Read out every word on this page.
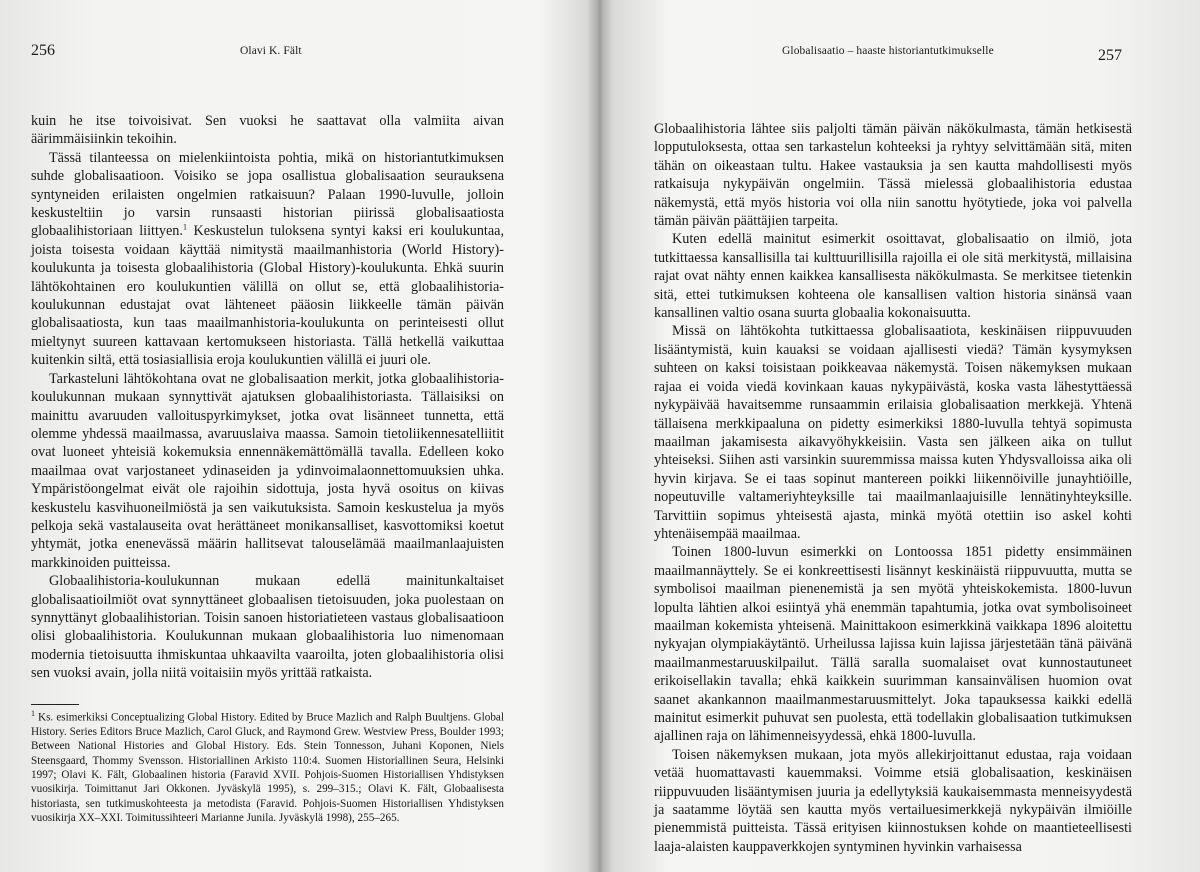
256	Olavi K. Fält

kuin he itse toivoisivat. Sen vuoksi he saattavat olla valmiita aivan äärimmäisiinkin tekoihin.

Tässä tilanteessa on mielenkiintoista pohtia, mikä on historiantutkimuksen suhde globalisaatioon. Voisiko se jopa osallistua globalisaation seurauksena syntyneiden erilaisten ongelmien ratkaisuun? Palaan 1990-luvulle, jolloin keskusteltiin jo varsin runsaasti historian piirissä globalisaatiosta globaalihistoriaan liittyen.$^1$ Keskustelun tuloksena syntyi kaksi eri koulukuntaa, joista toisesta voidaan käyttää nimitystä maailmanhistoria (World History)-koulukunta ja toisesta globaalihistoria (Global History)-koulukunta. Ehkä suurin lähtökohtainen ero koulukuntien välillä on ollut se, että globaalihistoria-koulukunnan edustajat ovat lähteneet pääosin liikkeelle tämän päivän globalisaatiosta, kun taas maailmanhistoria-koulukunta on perinteisesti ollut mieltynyt suureen kattavaan kertomukseen historiasta. Tällä hetkellä vaikuttaa kuitenkin siltä, että tosiasiallisia eroja koulukuntien välillä ei juuri ole.

Tarkasteluni lähtökohtana ovat ne globalisaation merkit, jotka globaalihistoria-koulukunnan mukaan synnyttivät ajatuksen globaalihistoriasta. Tällaisiksi on mainittu avaruuden valloituspyrkimykset, jotka ovat lisänneet tunnetta, että olemme yhdessä maailmassa, avaruuslaiva maassa. Samoin tietoliikennesatelliitit ovat luoneet yhteisiä kokemuksia ennennäkemättömällä tavalla. Edelleen koko maailmaa ovat varjostaneet ydinaseiden ja ydinvoimalaonnettomuuksien uhka. Ympäristöongelmat eivät ole rajoihin sidottuja, josta hyvä osoitus on kiivas keskustelu kasvihuoneilmiöstä ja sen vaikutuksista. Samoin keskustelua ja myös pelkoja sekä vastalauseita ovat herättäneet monikansalliset, kasvottomiksi koetut yhtymät, jotka enenevässä määrin hallitsevat talouselämää maailmanlaajuisten markkinoiden puitteissa.

Globaalihistoria-koulukunnan mukaan edellä mainitunkaltaiset globalisaatioilmiöt ovat synnyttäneet globaalisen tietoisuuden, joka puolestaan on synnyttänyt globaalihistorian. Toisin sanoen historiatieteen vastaus globalisaatioon olisi globaalihistoria. Koulukunnan mukaan globaalihistoria luo nimenomaan modernia tietoisuutta ihmiskuntaa uhkaavilta vaaroilta, joten globaalihistoria olisi sen vuoksi avain, jolla niitä voitaisiin myös yrittää ratkaista.

$^1$ Ks. esimerkiksi Conceptualizing Global History. Edited by Bruce Mazlich and Ralph Buultjens. Global History. Series Editors Bruce Mazlich, Carol Gluck, and Raymond Grew. Westview Press, Boulder 1993; Between National Histories and Global History. Eds. Stein Tonnesson, Juhani Koponen, Niels Steensgaard, Thommy Svensson. Historiallinen Arkisto 110:4. Suomen Historiallinen Seura, Helsinki 1997; Olavi K. Fält, Globaalinen historia (Faravid XVII. Pohjois-Suomen Historiallisen Yhdistyksen vuosikirja. Toimittanut Jari Okkonen. Jyväskylä 1995), s. 299–315.; Olavi K. Fält, Globaalisesta historiasta, sen tutkimuskohteesta ja metodista (Faravid. Pohjois-Suomen Historiallisen Yhdistyksen vuosikirja XX–XXI. Toimitussihteeri Marianne Junila. Jyväskylä 1998), 255–265.
Globalisaatio – haaste historiantutkimukselle	257

Globaalihistoria lähtee siis paljolti tämän päivän näkökulmasta, tämän hetkisestä lopputuloksesta, ottaa sen tarkastelun kohteeksi ja ryhtyy selvittämään sitä, miten tähän on oikeastaan tultu. Hakee vastauksia ja sen kautta mahdollisesti myös ratkaisuja nykypäivän ongelmiin. Tässä mielessä globaalihistoria edustaa näkemystä, että myös historia voi olla niin sanottu hyötytiede, joka voi palvella tämän päivän päättäjien tarpeita.

Kuten edellä mainitut esimerkit osoittavat, globalisaatio on ilmiö, jota tutkittaessa kansallisilla tai kulttuurillisilla rajoilla ei ole sitä merkitystä, millaisina rajat ovat nähty ennen kaikkea kansallisesta näkökulmasta. Se merkitsee tietenkin sitä, ettei tutkimuksen kohteena ole kansallisen valtion historia sinänsä vaan kansallinen valtio osana suurta globaalia kokonaisuutta.

Missä on lähtökohta tutkittaessa globalisaatiota, keskinäisen riippuvuuden lisääntymistä, kuin kauaksi se voidaan ajallisesti viedä? Tämän kysymyksen suhteen on kaksi toisistaan poikkeavaa näkemystä. Toisen näkemyksen mukaan rajaa ei voida viedä kovinkaan kauas nykypäivästä, koska vasta lähestyttäessä nykypäivää havaitsemme runsaammin erilaisia globalisaation merkkejä. Yhtenä tällaisena merkkipaaluna on pidetty esimerkiksi 1880-luvulla tehtyä sopimusta maailman jakamisesta aikavyöhykkeisiin. Vasta sen jälkeen aika on tullut yhteiseksi. Siihen asti varsinkin suuremmissa maissa kuten Yhdysvalloissa aika oli hyvin kirjava. Se ei taas sopinut mantereen poikki liikennöiville junayhtiöille, nopeutuville valtameriyhteyksille tai maailmanlaajuisille lennätinyhteyksille. Tarvittiin sopimus yhteisestä ajasta, minkä myötä otettiin iso askel kohti yhtenäisempää maailmaa.

Toinen 1800-luvun esimerkki on Lontoossa 1851 pidetty ensimmäinen maailmannäyttely. Se ei konkreettisesti lisännyt keskinäistä riippuvuutta, mutta se symbolisoi maailman pienenemistä ja sen myötä yhteiskokemista. 1800-luvun lopulta lähtien alkoi esiintyä yhä enemmän tapahtumia, jotka ovat symbolisoineet maailman kokemista yhteisenä. Mainittakoon esimerkkinä vaikkapa 1896 aloitettu nykyajan olympiakäytäntö. Urheilussa lajissa kuin lajissa järjestetään tänä päivänä maailmanmestaruuskilpailut. Tällä saralla suomalaiset ovat kunnostautuneet erikoisellakin tavalla; ehkä kaikkein suurimman kansainvälisen huomion ovat saanet akankannon maailmanmestaruusmittelyt. Joka tapauksessa kaikki edellä mainitut esimerkit puhuvat sen puolesta, että todellakin globalisaation tutkimuksen ajallinen raja on lähimenneisyydessä, ehkä 1800-luvulla.

Toisen näkemyksen mukaan, jota myös allekirjoittanut edustaa, raja voidaan vetää huomattavasti kauemmaksi. Voimme etsiä globalisaation, keskinäisen riippuvuuden lisääntymisen juuria ja edellytyksiä kaukaisemmasta menneisyydestä ja saatamme löytää sen kautta myös vertailuesimerkkejä nykypäivän ilmiöille pienemmistä puitteista. Tässä erityisen kiinnostuksen kohde on maantieteellisesti laaja-alaisten kauppaverkkojen syntyminen hyvinkin varhaisessa
